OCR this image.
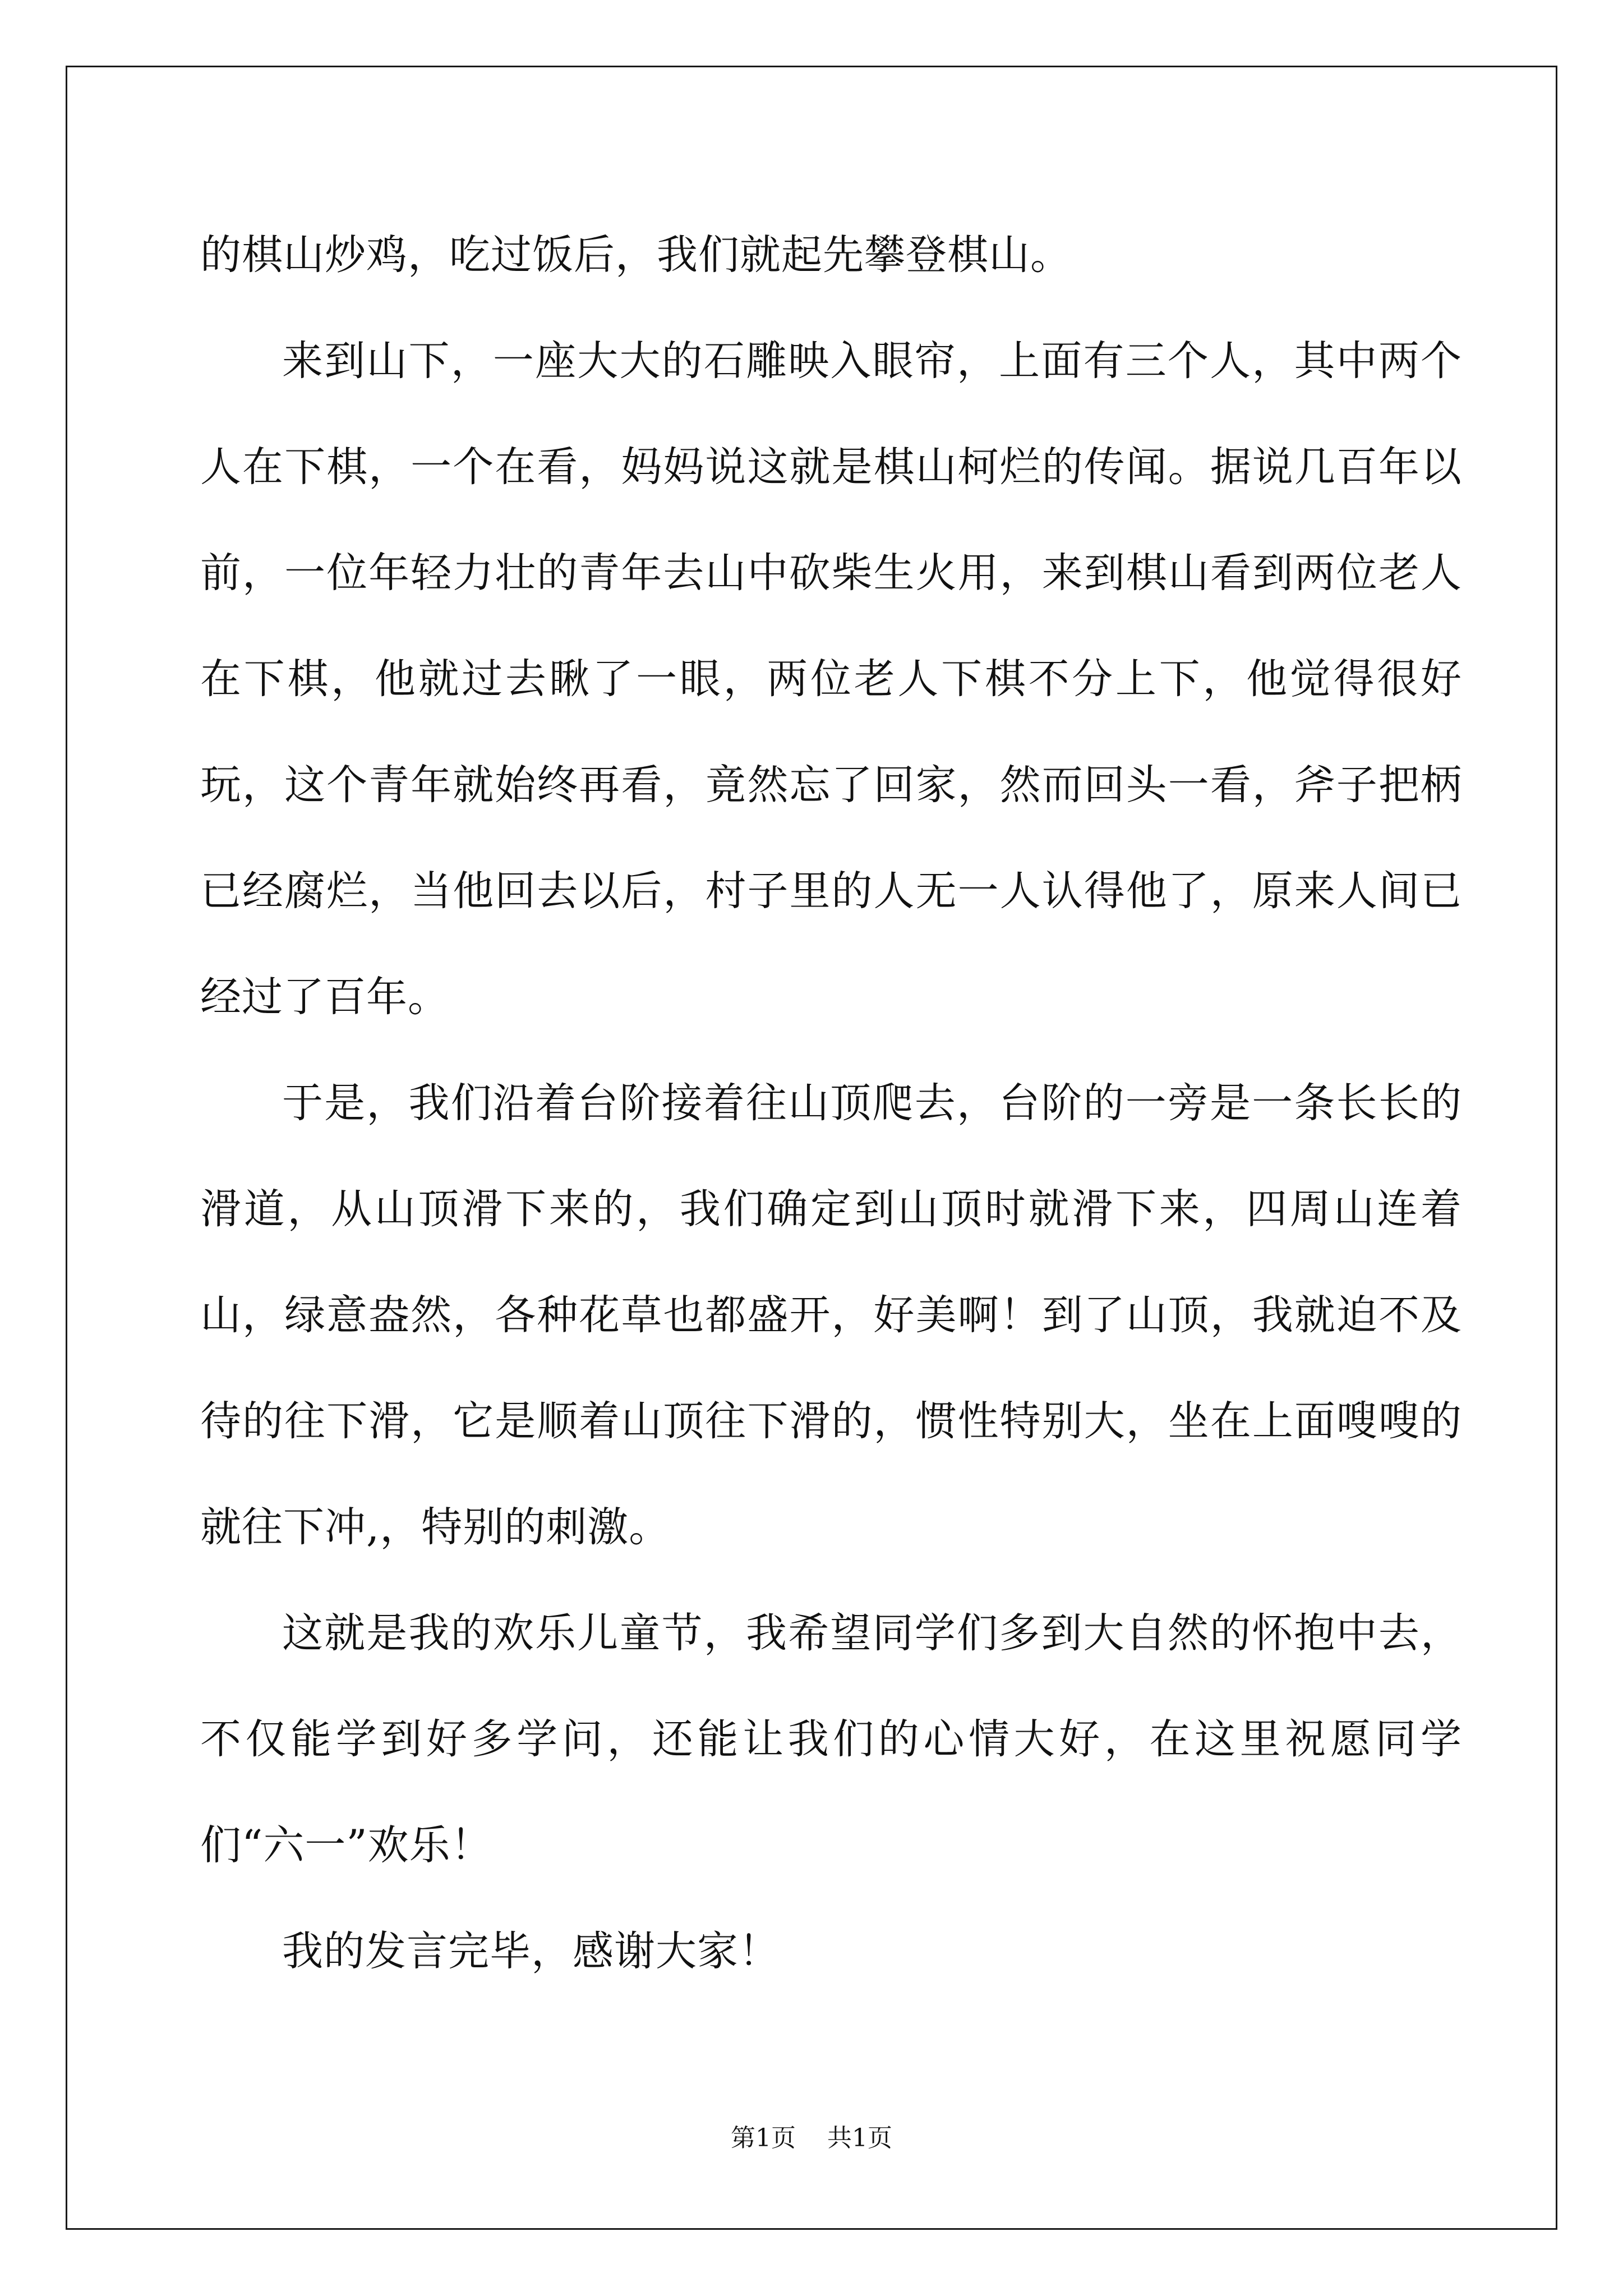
的棋山炒鸡，吃过饭后，我们就起先攀登棋山。

来到山下，一座大大的石雕映入眼帘，上面有三个人，其中两个人在下棋，一个在看，妈妈说这就是棋山柯烂的传闻。据说几百年以前，一位年轻力壮的青年去山中砍柴生火用，来到棋山看到两位老人在下棋，他就过去瞅了一眼，两位老人下棋不分上下，他觉得很好玩，这个青年就始终再看，竟然忘了回家，然而回头一看，斧子把柄已经腐烂，当他回去以后，村子里的人无一人认得他了，原来人间已经过了百年。

于是，我们沿着台阶接着往山顶爬去，台阶的一旁是一条长长的滑道，从山顶滑下来的，我们确定到山顶时就滑下来，四周山连着山，绿意盎然，各种花草也都盛开，好美啊！到了山顶，我就迫不及待的往下滑，它是顺着山顶往下滑的，惯性特别大，坐在上面嗖嗖的就往下冲,，特别的刺激。

这就是我的欢乐儿童节，我希望同学们多到大自然的怀抱中去，不仅能学到好多学问，还能让我们的心情大好，在这里祝愿同学们“六一”欢乐！

我的发言完毕，感谢大家！

第1页 共1页
